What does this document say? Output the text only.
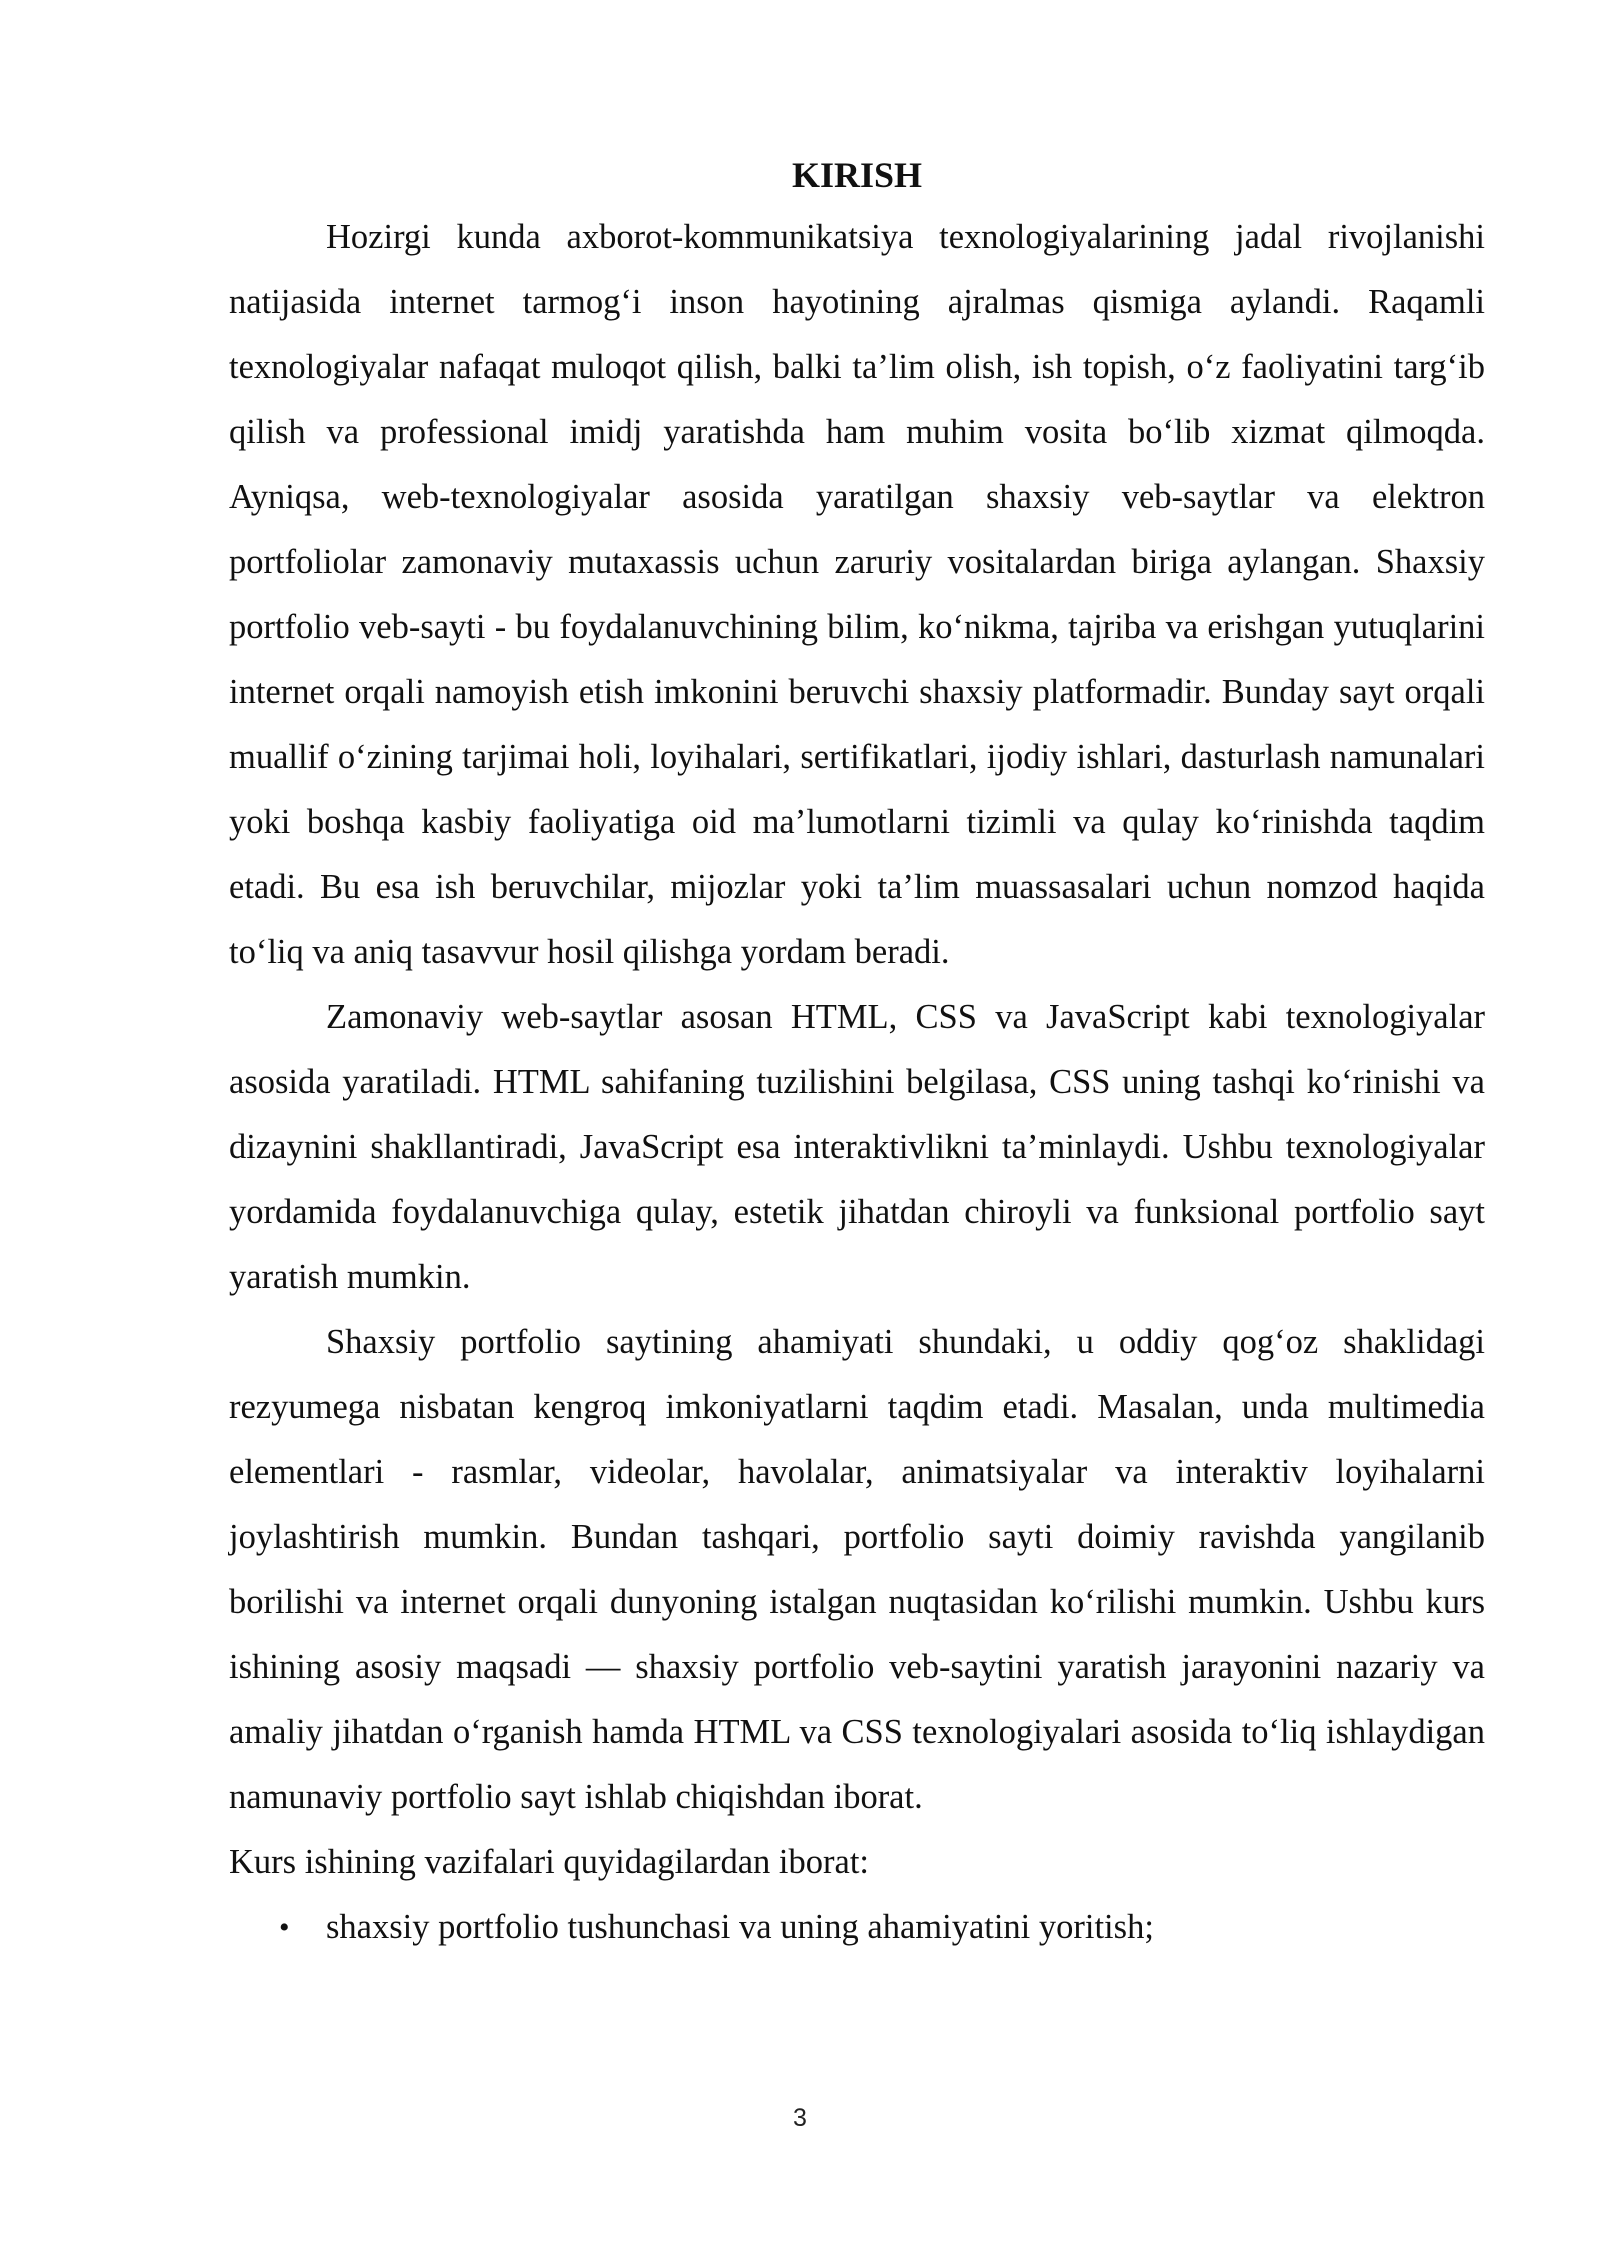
KIRISH

Hozirgi kunda axborot-kommunikatsiya texnologiyalarining jadal rivojlanishi natijasida internet tarmog‘i inson hayotining ajralmas qismiga aylandi. Raqamli texnologiyalar nafaqat muloqot qilish, balki ta’lim olish, ish topish, o‘z faoliyatini targ‘ib qilish va professional imidj yaratishda ham muhim vosita bo‘lib xizmat qilmoqda. Ayniqsa, web-texnologiyalar asosida yaratilgan shaxsiy veb-saytlar va elektron portfoliolar zamonaviy mutaxassis uchun zaruriy vositalardan biriga aylangan. Shaxsiy portfolio veb-sayti - bu foydalanuvchining bilim, ko‘nikma, tajriba va erishgan yutuqlarini internet orqali namoyish etish imkonini beruvchi shaxsiy platformadir. Bunday sayt orqali muallif o‘zining tarjimai holi, loyihalari, sertifikatlari, ijodiy ishlari, dasturlash namunalari yoki boshqa kasbiy faoliyatiga oid ma’lumotlarni tizimli va qulay ko‘rinishda taqdim etadi. Bu esa ish beruvchilar, mijozlar yoki ta’lim muassasalari uchun nomzod haqida to‘liq va aniq tasavvur hosil qilishga yordam beradi.

Zamonaviy web-saytlar asosan HTML, CSS va JavaScript kabi texnologiyalar asosida yaratiladi. HTML sahifaning tuzilishini belgilasa, CSS uning tashqi ko‘rinishi va dizaynini shakllantiradi, JavaScript esa interaktivlikni ta’minlaydi. Ushbu texnologiyalar yordamida foydalanuvchiga qulay, estetik jihatdan chiroyli va funksional portfolio sayt yaratish mumkin.

Shaxsiy portfolio saytining ahamiyati shundaki, u oddiy qog‘oz shaklidagi rezyumega nisbatan kengroq imkoniyatlarni taqdim etadi. Masalan, unda multimedia elementlari - rasmlar, videolar, havolalar, animatsiyalar va interaktiv loyihalarni joylashtirish mumkin. Bundan tashqari, portfolio sayti doimiy ravishda yangilanib borilishi va internet orqali dunyoning istalgan nuqtasidan ko‘rilishi mumkin. Ushbu kurs ishining asosiy maqsadi — shaxsiy portfolio veb-saytini yaratish jarayonini nazariy va amaliy jihatdan o‘rganish hamda HTML va CSS texnologiyalari asosida to‘liq ishlaydigan namunaviy portfolio sayt ishlab chiqishdan iborat.

Kurs ishining vazifalari quyidagilardan iborat:

• shaxsiy portfolio tushunchasi va uning ahamiyatini yoritish;
3
